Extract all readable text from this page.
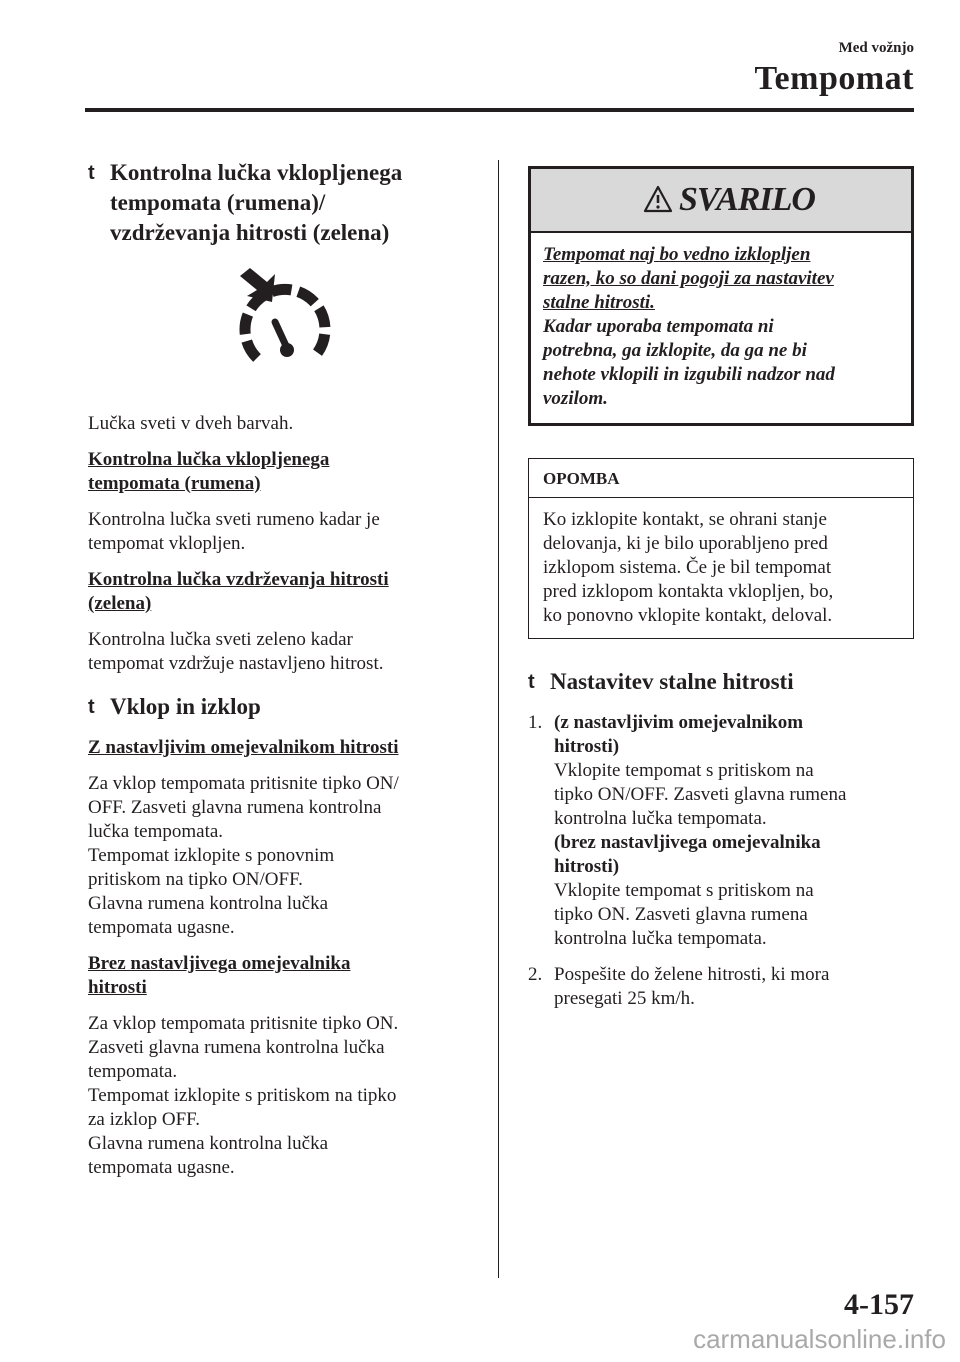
Med vožnjo
Tempomat
t Kontrolna lučka vklopljenega
tempomata (rumena)/
vzdrževanja hitrosti (zelena)

Lučka sveti v dveh barvah.

Kontrolna lučka vklopljenega
tempomata (rumena)

Kontrolna lučka sveti rumeno kadar je
tempomat vklopljen.

Kontrolna lučka vzdrževanja hitrosti
(zelena)

Kontrolna lučka sveti zeleno kadar
tempomat vzdržuje nastavljeno hitrost.

t Vklop in izklop
Z nastavljivim omejevalnikom hitrosti

Za vklop tempomata pritisnite tipko ON/
OFF. Zasveti glavna rumena kontrolna
lučka tempomata.
Tempomat izklopite s ponovnim
pritiskom na tipko ON/OFF.
Glavna rumena kontrolna lučka
tempomata ugasne.

Brez nastavljivega omejevalnika
hitrosti

Za vklop tempomata pritisnite tipko ON.
Zasveti glavna rumena kontrolna lučka
tempomata.
Tempomat izklopite s pritiskom na tipko
za izklop OFF.
Glavna rumena kontrolna lučka
tempomata ugasne.

SVARILO
Tempomat naj bo vedno izklopljen
razen, ko so dani pogoji za nastavitev
stalne hitrosti.
Kadar uporaba tempomata ni
potrebna, ga izklopite, da ga ne bi
nehote vklopili in izgubili nadzor nad
vozilom.
OPOMBA
Ko izklopite kontakt, se ohrani stanje
delovanja, ki je bilo uporabljeno pred
izklopom sistema. Če je bil tempomat
pred izklopom kontakta vklopljen, bo,
ko ponovno vklopite kontakt, deloval.
t Nastavitev stalne hitrosti
1. (z nastavljivim omejevalnikom
hitrosti)
Vklopite tempomat s pritiskom na
tipko ON/OFF. Zasveti glavna rumena
kontrolna lučka tempomata.
(brez nastavljivega omejevalnika
hitrosti)
Vklopite tempomat s pritiskom na
tipko ON. Zasveti glavna rumena
kontrolna lučka tempomata.
2. Pospešite do želene hitrosti, ki mora
presegati 25 km/h.
4-157
carmanualsonline.info
